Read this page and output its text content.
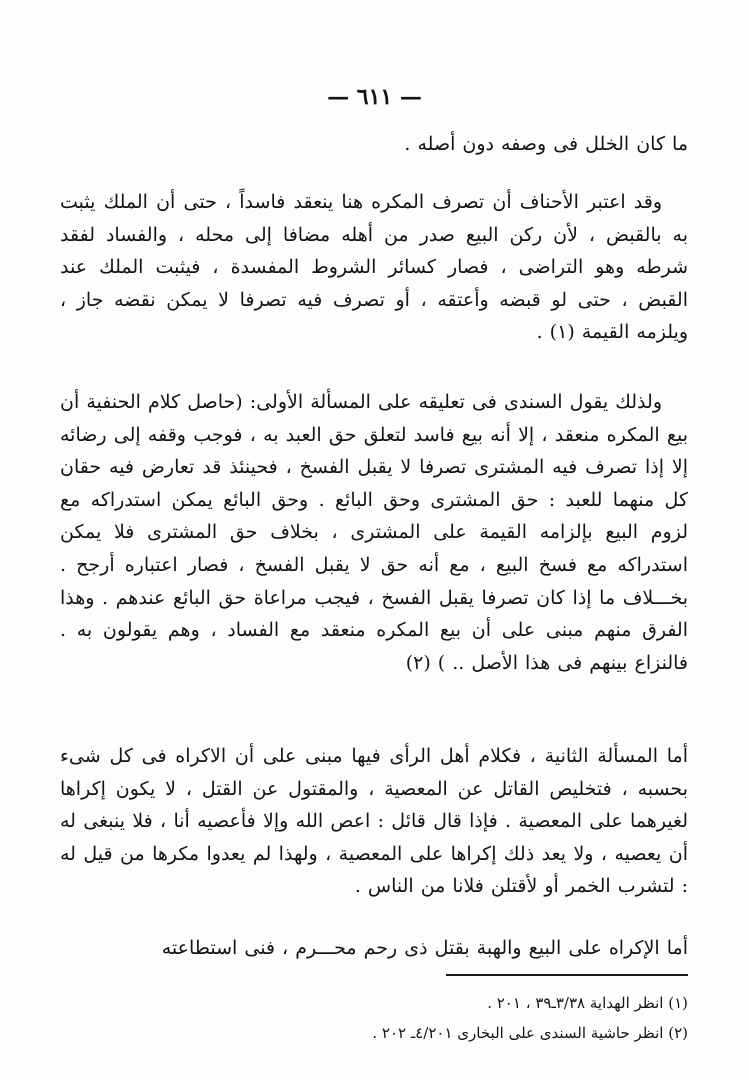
— ٦١١ —

ما كان الخلل فى وصفه دون أصله .

وقد اعتبر الأحناف أن تصرف المكره هنا ينعقد فاسداً ، حتى أن الملك يثبت به بالقبض ، لأن ركن البيع صدر من أهله مضافا إلى محله ، والفساد لفقد شرطه وهو التراضى ، فصار كسائر الشروط المفسدة ، فيثبت الملك عند القبض ، حتى لو قبضه وأعتقه ، أو تصرف فيه تصرفا لا يمكن نقضه جاز ، ويلزمه القيمة (١) .

ولذلك يقول السندى فى تعليقه على المسألة الأولى: (حاصل كلام الحنفية أن بيع المكره منعقد ، إلا أنه بيع فاسد لتعلق حق العبد به ، فوجب وقفه إلى رضائه إلا إذا تصرف فيه المشترى تصرفا لا يقبل الفسخ ، فحينئذ قد تعارض فيه حقان كل منهما للعبد : حق المشترى وحق البائع . وحق البائع يمكن استدراكه مع لزوم البيع بإلزامه القيمة على المشترى ، بخلاف حق المشترى فلا يمكن استدراكه مع فسخ البيع ، مع أنه حق لا يقبل الفسخ ، فصار اعتباره أرجح . بخـــلاف ما إذا كان تصرفا يقبل الفسخ ، فيجب مراعاة حق البائع عندهم . وهذا الفرق منهم مبنى على أن بيع المكره منعقد مع الفساد ، وهم يقولون به . فالنزاع بينهم فى هذا الأصل .. ) (٢)

أما المسألة الثانية ، فكلام أهل الرأى فيها مبنى على أن الاكراه فى كل شىء بحسبه ، فتخليص القاتل عن المعصية ، والمقتول عن القتل ، لا يكون إكراها لغيرهما على المعصية . فإذا قال قائل : اعص الله وإلا فأعصيه أنا ، فلا ينبغى له أن يعصيه ، ولا يعد ذلك إكراها على المعصية ، ولهذا لم يعدوا مكرها من قيل له : لتشرب الخمر أو لأقتلن فلانا من الناس .

أما الإكراه على البيع والهبة بقتل ذى رحم محـــرم ، فنى استطاعته

(١) انظر الهداية ٣/٣٨ـ٣٩ ، ٢٠١ .

(٢) انظر حاشية السندى على البخارى ٤/٢٠١ـ ٢٠٢ .
